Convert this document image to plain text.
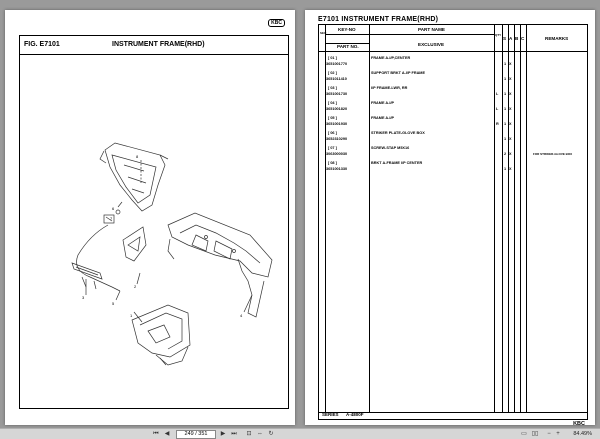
KBC
FIG. E7101	INSTRUMENT FRAME(RHD)
8
6
7
3
5
2
1	4
E7101 INSTRUMENT FRAME(RHD)
SEQ
KEY-NO	PART NAME
PART NO.	EXCLUSIVE
QTY
A B C
S	REMARKS
[ 01 ]
3651001770
FRAME A-I/P,CENTER
1 X
[ 02 ]
3651011410
SUPPORT BRKT A-I/P FRAME
1 X
[ 03 ]
3651001730
I/P FRAME-LWR, RR
L 1 X
[ 04 ]
3651001820
FRAME A-I/P
L 1 X
[ 05 ]
3651001930
FRAME A-I/P
R 1 X
[ 06 ]
3652310290
STRIKER PLATE-GLOVE BOX
1 X
[ 07 ]
3063000030
SCREW-STAP M5X16
2 X	FOR STRIKER-GLOVE BOX
[ 08 ]
3651001330
BRKT A-FRAME I/P CENTER
1 X
SERIES A-4800F
KBC
⏮ ◀	249 / 351	▶ ⏭ ⊡ ⇔ ↻	▭ ▯▯	− +	84.49%
